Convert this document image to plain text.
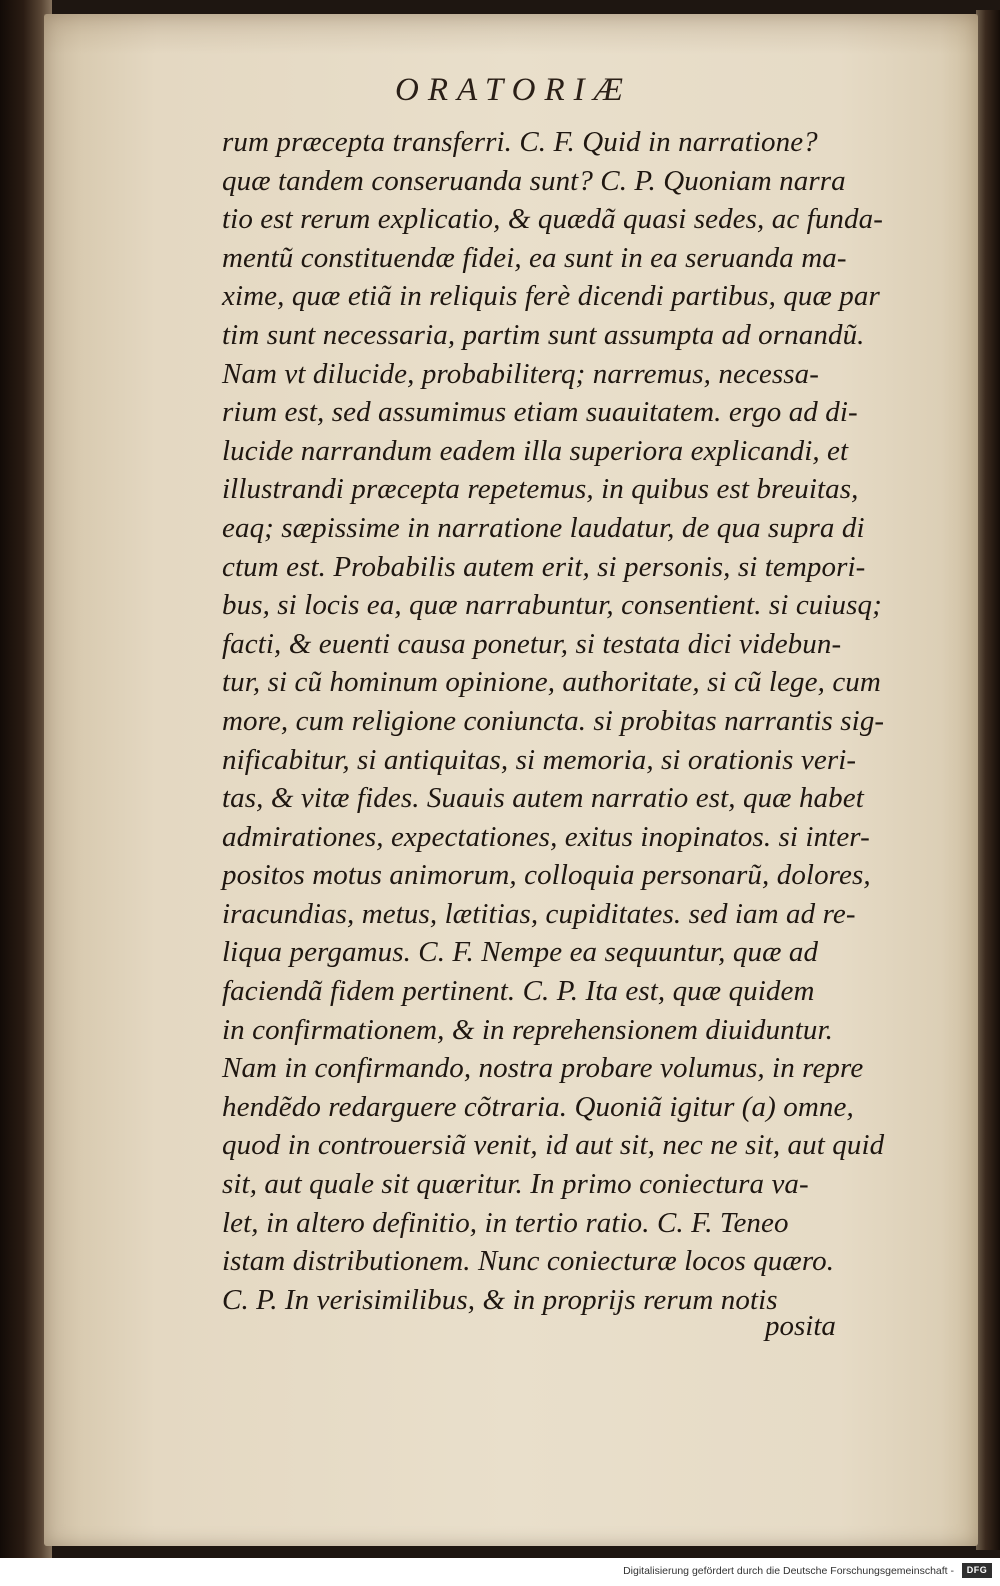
ORATORIÆ
rum præcepta transferri. C. F. Quid in narratione?
quæ tandem conseruanda sunt? C. P. Quoniam narra
tio est rerum explicatio, & quædã quasi sedes, ac funda-
mentũ constituendæ fidei, ea sunt in ea seruanda ma-
xime, quæ etiã in reliquis ferè dicendi partibus, quæ par
tim sunt necessaria, partim sunt assumpta ad ornandũ.
Nam vt dilucide, probabiliterq; narremus, necessa-
rium est, sed assumimus etiam suauitatem. ergo ad di-
lucide narrandum eadem illa superiora explicandi, et
illustrandi præcepta repetemus, in quibus est breuitas,
eaq; sæpissime in narratione laudatur, de qua supra di
ctum est. Probabilis autem erit, si personis, si tempori-
bus, si locis ea, quæ narrabuntur, consentient. si cuiusq;
facti, & euenti causa ponetur, si testata dici videbun-
tur, si cũ hominum opinione, authoritate, si cũ lege, cum
more, cum religione coniuncta. si probitas narrantis sig-
nificabitur, si antiquitas, si memoria, si orationis veri-
tas, & vitæ fides. Suauis autem narratio est, quæ habet
admirationes, expectationes, exitus inopinatos. si inter-
positos motus animorum, colloquia personarũ, dolores,
iracundias, metus, lætitias, cupiditates. sed iam ad re-
liqua pergamus. C. F. Nempe ea sequuntur, quæ ad
faciendã fidem pertinent. C. P. Ita est, quæ quidem
in confirmationem, & in reprehensionem diuiduntur.
Nam in confirmando, nostra probare volumus, in repre
hendẽdo redarguere cõtraria. Quoniã igitur (a) omne,
quod in controuersiã venit, id aut sit, nec ne sit, aut quid
sit, aut quale sit quæritur. In primo coniectura va-
let, in altero definitio, in tertio ratio. C. F. Teneo
istam distributionem. Nunc coniecturæ locos quæro.
C. P. In verisimilibus, & in proprijs rerum notis
posita
Digitalisierung gefördert durch die Deutsche Forschungsgemeinschaft -	DFG
